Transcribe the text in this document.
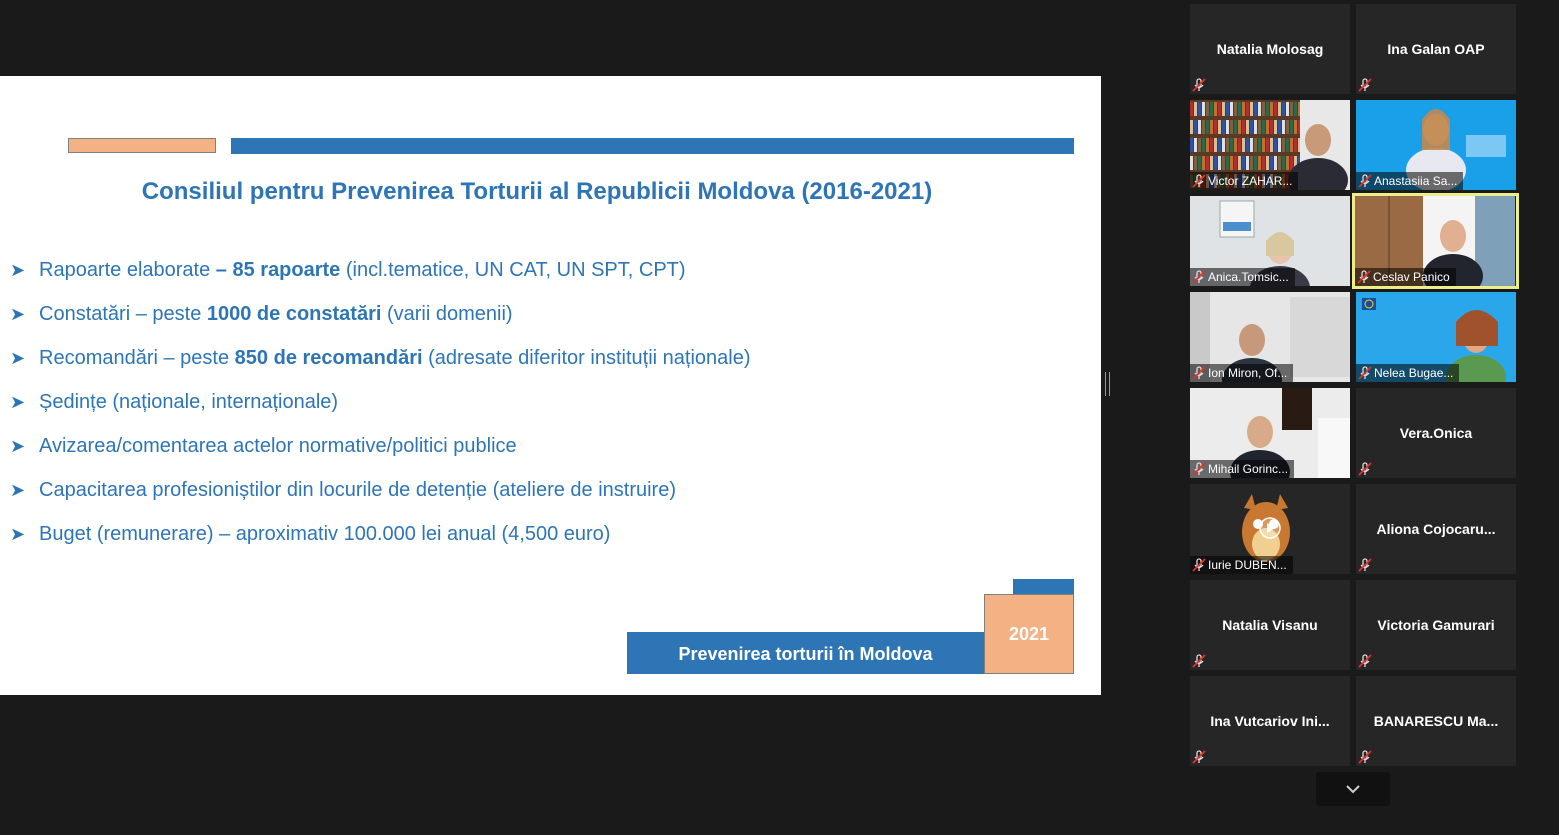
Consiliul pentru Prevenirea Torturii al Republicii Moldova (2016-2021)
➤ Rapoarte elaborate – 85 rapoarte (incl.tematice, UN CAT, UN SPT, CPT)
➤ Constatări – peste 1000 de constatări (varii domenii)
➤ Recomandări – peste 850 de recomandări (adresate diferitor instituții naționale)
➤ Ședințe (naționale, internaționale)
➤ Avizarea/comentarea actelor normative/politici publice
➤ Capacitarea profesioniștilor din locurile de detenție (ateliere de instruire)
➤ Buget (remunerare) – aproximativ 100.000 lei anual (4,500 euro)
Prevenirea torturii în Moldova
2021
Natalia Molosag	Ina Galan OAP
Victor ZAHAR...	Anastasiia Sa...
Anica.Tomsic...	Ceslav Panico
Ion Miron, Of...	Nelea Bugae...
Mihail Gorinc...
Vera.Onica
Iurie DUBEN...
Aliona Cojocaru...
Natalia Visanu	Victoria Gamurari
Ina Vutcariov Ini...	BANARESCU Ma...
